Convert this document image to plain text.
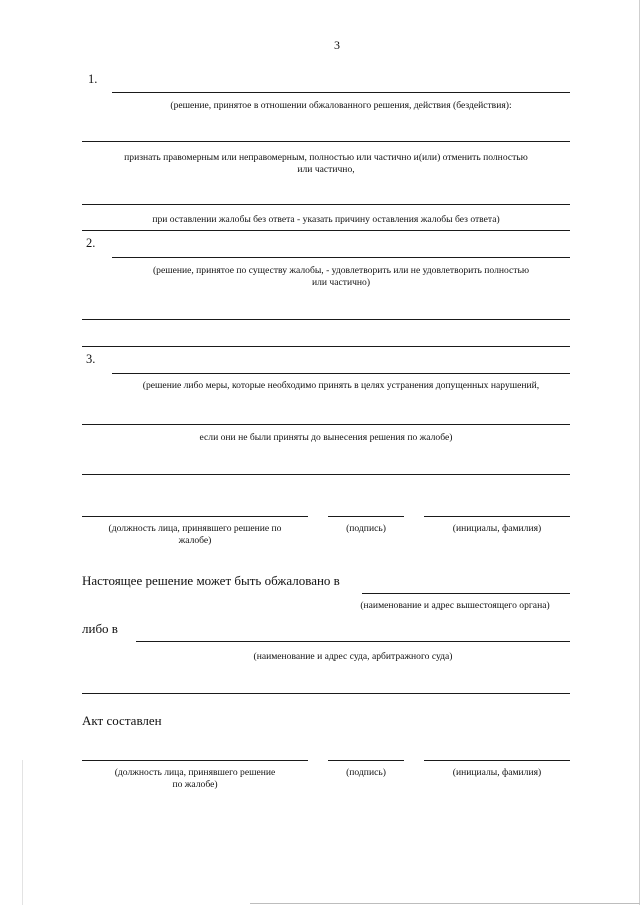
3
1.
(решение, принятое в отношении обжалованного решения, действия (бездействия):
признать правомерным или неправомерным, полностью или частично и(или) отменить полностью
или частично,
при оставлении жалобы без ответа - указать причину оставления жалобы без ответа)
2.
(решение, принятое по существу жалобы, - удовлетворить или не удовлетворить полностью
или частично)
3.
(решение либо меры, которые необходимо принять в целях устранения допущенных нарушений,
если они не были приняты до вынесения решения по жалобе)
(должность лица, принявшего решение по
жалобе)
(подпись)	(инициалы, фамилия)
Настоящее решение может быть обжаловано в
(наименование и адрес вышестоящего органа)
либо в
(наименование и адрес суда, арбитражного суда)
Акт составлен
(должность лица, принявшего решение
по жалобе)
(подпись)	(инициалы, фамилия)
